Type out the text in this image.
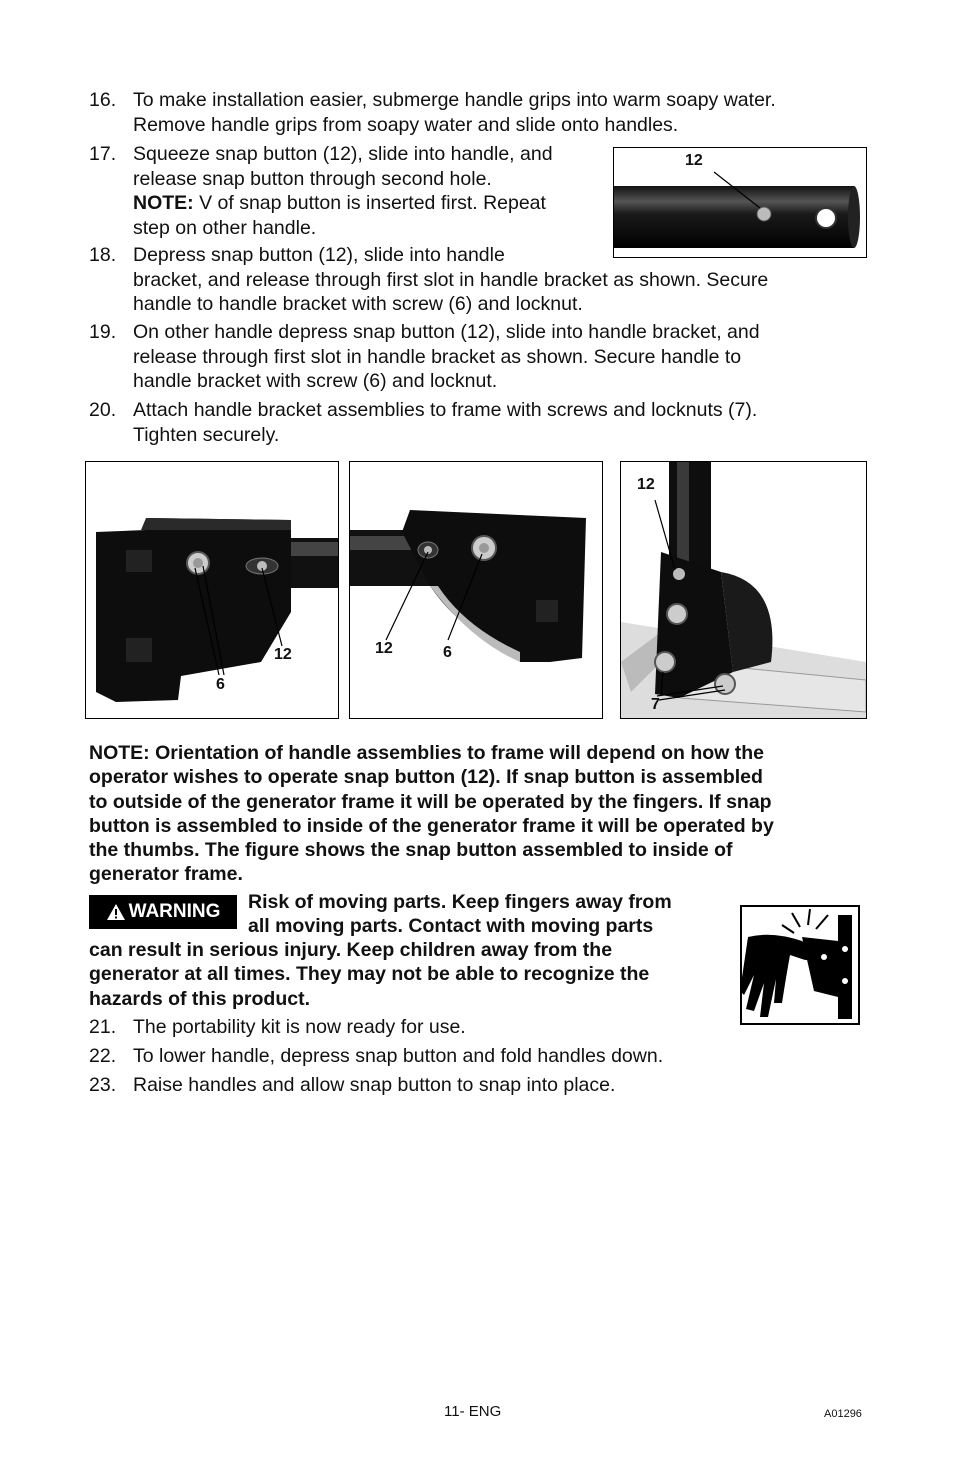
16. To make installation easier, submerge handle grips into warm soapy water.
Remove handle grips from soapy water and slide onto handles.
17. Squeeze snap button (12), slide into handle, and
release snap button through second hole.
NOTE: V of snap button is inserted first. Repeat
step on other handle.
12
18. Depress snap button (12), slide into handle
bracket, and release through first slot in handle bracket as shown. Secure
handle to handle bracket with screw (6) and locknut.
19. On other handle depress snap button (12), slide into handle bracket, and
release through first slot in handle bracket as shown. Secure handle to
handle bracket with screw (6) and locknut.
20. Attach handle bracket assemblies to frame with screws and locknuts (7).
Tighten securely.
6
12	12	6
12
7
NOTE: Orientation of handle assemblies to frame will depend on how the
operator wishes to operate snap button (12). If snap button is assembled
to outside of the generator frame it will be operated by the fingers. If snap
button is assembled to inside of the generator frame it will be operated by
the thumbs. The figure shows the snap button assembled to inside of
generator frame.
WARNING Risk of moving parts. Keep fingers away from
all moving parts. Contact with moving parts
can result in serious injury. Keep children away from the
generator at all times. They may not be able to recognize the
hazards of this product.
21. The portability kit is now ready for use.
22. To lower handle, depress snap button and fold handles down.
23. Raise handles and allow snap button to snap into place.
11- ENG	A01296
